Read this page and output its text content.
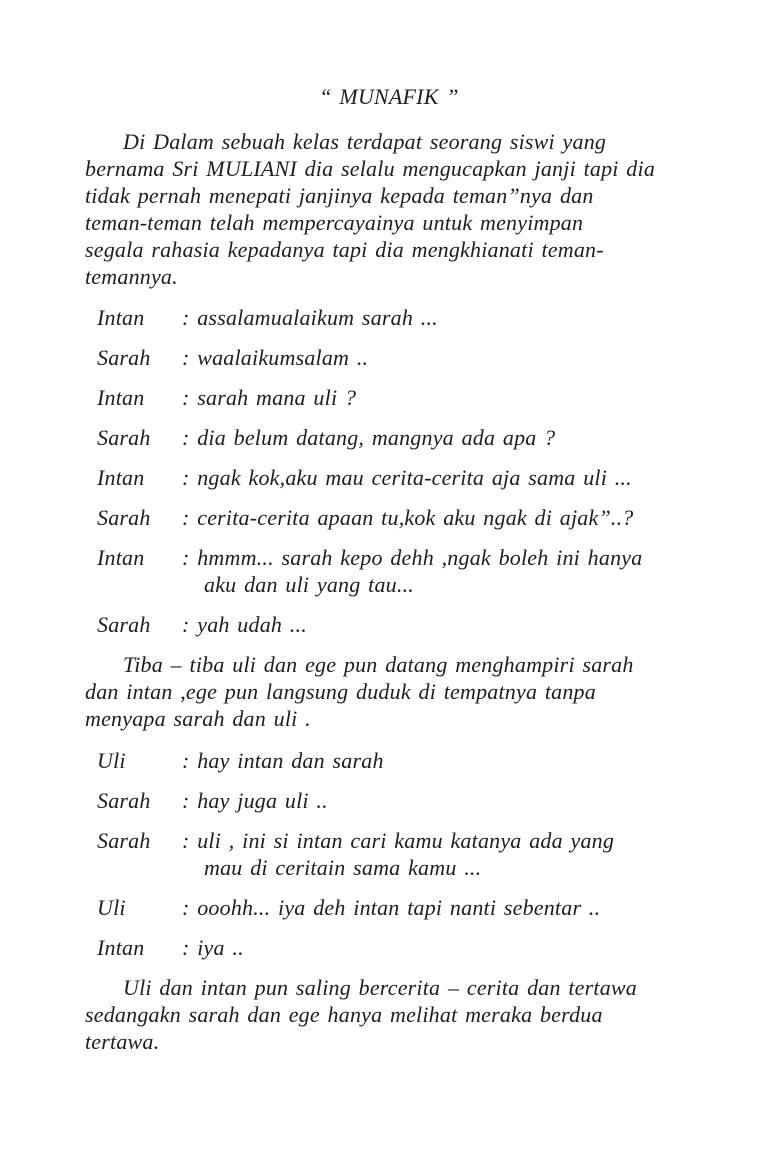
“ MUNAFIK ”
Di Dalam sebuah kelas terdapat seorang siswi yang
bernama Sri MULIANI dia selalu mengucapkan janji tapi dia
tidak pernah menepati janjinya kepada teman”nya dan
teman-teman telah mempercayainya untuk menyimpan
segala rahasia kepadanya tapi dia mengkhianati teman-
temannya.
Intan	: assalamualaikum sarah ...
Sarah	: waalaikumsalam ..
Intan	: sarah mana uli ?
Sarah	: dia belum datang, mangnya ada apa ?
Intan	: ngak kok,aku mau cerita-cerita aja sama uli ...
Sarah	: cerita-cerita apaan tu,kok aku ngak di ajak”..?
Intan	: hmmm... sarah kepo dehh ,ngak boleh ini hanya
aku dan uli yang tau...
Sarah	: yah udah ...
Tiba – tiba uli dan ege pun datang menghampiri sarah
dan intan ,ege pun langsung duduk di tempatnya tanpa
menyapa sarah dan uli .
Uli	: hay intan dan sarah
Sarah	: hay juga uli ..
Sarah	: uli , ini si intan cari kamu katanya ada yang
mau di ceritain sama kamu ...
Uli	: ooohh... iya deh intan tapi nanti sebentar ..
Intan	: iya ..
Uli dan intan pun saling bercerita – cerita dan tertawa
sedangakn sarah dan ege hanya melihat meraka berdua
tertawa.
